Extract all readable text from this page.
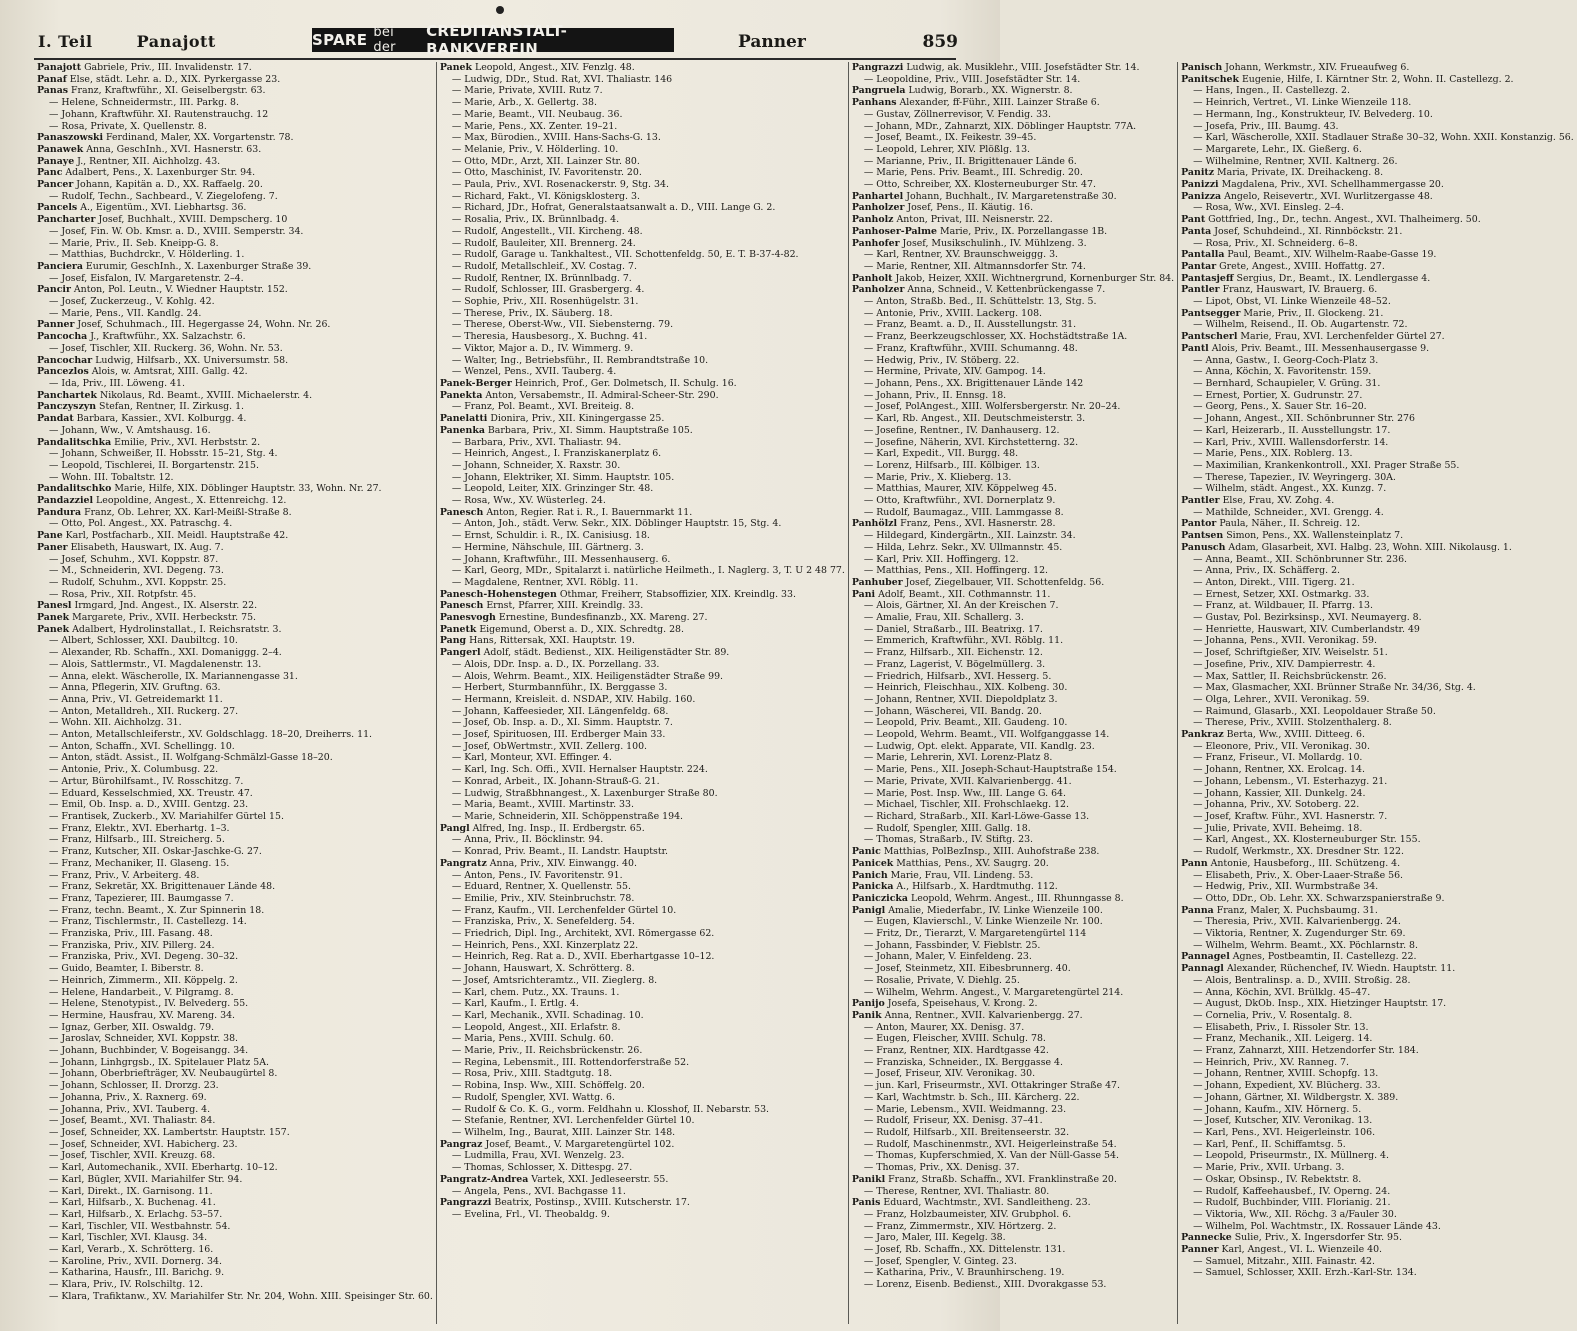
I. Teil	Panajott	SPARE bei der
CREDITANSTALT-BANKVEREIN	Panner	859
Panajott Gabriele, Priv., III. Invalidenstr. 17.
Panaf Else, städt. Lehr. a. D., XIX. Pyrkergasse 23.
Panas Franz, Kraftwführ., XI. Geiselbergstr. 63.
— Helene, Schneidermstr., III. Parkg. 8.
— Johann, Kraftwführ. XI. Rautenstrauchg. 12
— Rosa, Private, X. Quellenstr. 8.
Panaszowski Ferdinand, Maler, XX. Vorgartenstr. 78.
Panawek Anna, GeschInh., XVI. Hasnerstr. 63.
Panaye J., Rentner, XII. Aichholzg. 43.
Panc Adalbert, Pens., X. Laxenburger Str. 94.
Pancer Johann, Kapitän a. D., XX. Raffaelg. 20.
— Rudolf, Techn., Sachbeard., V. Ziegelofeng. 7.
Pancels A., Eigentüm., XVI. Liebhartsg. 36.
Pancharter Josef, Buchhalt., XVIII. Dempscherg. 10
— Josef, Fin. W. Ob. Kmsr. a. D., XVIII. Semperstr. 34.
— Marie, Priv., II. Seb. Kneipp-G. 8.
— Matthias, Buchdrckr., V. Hölderling. 1.
Panciera Eurumir, GeschInh., X. Laxenburger Straße 39.
— Josef, Eisfalon, IV. Margaretenstr. 2–4.
Pancir Anton, Pol. Leutn., V. Wiedner Hauptstr. 152.
— Josef, Zuckerzeug., V. Kohlg. 42.
— Marie, Pens., VII. Kandlg. 24.
Panner Josef, Schuhmach., III. Hegergasse 24, Wohn. Nr. 26.
Pancocha J., Kraftwführ., XX. Salzachstr. 6.
— Josef, Tischler, XII. Ruckerg. 36, Wohn. Nr. 53.
Pancochar Ludwig, Hilfsarb., XX. Universumstr. 58.
Pancezlos Alois, w. Amtsrat, XIII. Gallg. 42.
— Ida, Priv., III. Löweng. 41.
Panchartek Nikolaus, Rd. Beamt., XVIII. Michaelerstr. 4.
Panczyszyn Stefan, Rentner, II. Zirkusg. 1.
Pandat Barbara, Kassier., XVI. Kolburgg. 4.
— Johann, Ww., V. Amtshausg. 16.
Pandalitschka Emilie, Priv., XVI. Herbststr. 2.
— Johann, Schweißer, II. Hobsstr. 15–21, Stg. 4.
— Leopold, Tischlerei, II. Borgartenstr. 215.
— Wohn. III. Tobaltstr. 12.
Pandalitschko Marie, Hilfe, XIX. Döblinger Hauptstr. 33, Wohn. Nr. 27.
Pandazziel Leopoldine, Angest., X. Ettenreichg. 12.
Pandura Franz, Ob. Lehrer, XX. Karl-Meißl-Straße 8.
— Otto, Pol. Angest., XX. Patraschg. 4.
Pane Karl, Postfacharb., XII. Meidl. Hauptstraße 42.
Paner Elisabeth, Hauswart, IX. Aug. 7.
— Josef, Schuhm., XVI. Koppstr. 87.
— M., Schneiderin, XVI. Degeng. 73.
— Rudolf, Schuhm., XVI. Koppstr. 25.
— Rosa, Priv., XII. Rotpfstr. 45.
Panesl Irmgard, Jnd. Angest., IX. Alserstr. 22.
Panek Margarete, Priv., XVII. Herbeckstr. 75.
Panek Adalbert, Hydrolinstallat., I. Reichsratstr. 3.
— Albert, Schlosser, XXI. Daubiltcg. 10.
— Alexander, Rb. Schaffn., XXI. Domaniggg. 2–4.
— Alois, Sattlermstr., VI. Magdalenenstr. 13.
— Anna, elekt. Wäscherolle, IX. Mariannengasse 31.
— Anna, Pflegerin, XIV. Gruftng. 63.
— Anna, Priv., VI. Getreidemarkt 11.
— Anton, Metalldreh., XII. Ruckerg. 27.
— Wohn. XII. Aichholzg. 31.
— Anton, Metallschleiferstr., XV. Goldschlagg. 18–20, Dreiherrs. 11.
— Anton, Schaffn., XVI. Schellingg. 10.
— Anton, städt. Assist., II. Wolfgang-Schmälzl-Gasse 18–20.
— Antonie, Priv., X. Columbusg. 22.
— Artur, Bürohilfsamt., IV. Rosschitzg. 7.
— Eduard, Kesselschmied, XX. Treustr. 47.
— Emil, Ob. Insp. a. D., XVIII. Gentzg. 23.
— Frantisek, Zuckerb., XV. Mariahilfer Gürtel 15.
— Franz, Elektr., XVI. Eberhartg. 1–3.
— Franz, Hilfsarb., III. Streicherg. 5.
— Franz, Kutscher, XII. Oskar-Jaschke-G. 27.
— Franz, Mechaniker, II. Glaseng. 15.
— Franz, Priv., V. Arbeiterg. 48.
— Franz, Sekretär, XX. Brigittenauer Lände 48.
— Franz, Tapezierer, III. Baumgasse 7.
— Franz, techn. Beamt., X. Zur Spinnerin 18.
— Franz, Tischlermstr., II. Castellezg. 14.
— Franziska, Priv., III. Fasang. 48.
— Franziska, Priv., XIV. Pillerg. 24.
— Franziska, Priv., XVI. Degeng. 30–32.
— Guido, Beamter, I. Biberstr. 8.
— Heinrich, Zimmerm., XII. Köppelg. 2.
— Helene, Handarbeit., V. Pilgramg. 8.
— Helene, Stenotypist., IV. Belvederg. 55.
— Hermine, Hausfrau, XV. Mareng. 34.
— Ignaz, Gerber, XII. Oswaldg. 79.
— Jaroslav, Schneider, XVI. Koppstr. 38.
— Johann, Buchbinder, V. Bogeisangg. 34.
— Johann, Linhgrgsb., IX. Spitelauer Platz 5A.
— Johann, Oberbriefträger, XV. Neubaugürtel 8.
— Johann, Schlosser, II. Drorzg. 23.
— Johanna, Priv., X. Raxnerg. 69.
— Johanna, Priv., XVI. Tauberg. 4.
— Josef, Beamt., XVI. Thaliastr. 84.
— Josef, Schneider, XX. Lambertstr. Hauptstr. 157.
— Josef, Schneider, XVI. Habicherg. 23.
— Josef, Tischler, XVII. Kreuzg. 68.
— Karl, Automechanik., XVII. Eberhartg. 10–12.
— Karl, Bügler, XVII. Mariahilfer Str. 94.
— Karl, Direkt., IX. Garnisong. 11.
— Karl, Hilfsarb., X. Buchenag. 41.
— Karl, Hilfsarb., X. Erlachg. 53–57.
— Karl, Tischler, VII. Westbahnstr. 54.
— Karl, Tischler, XVI. Klausg. 34.
— Karl, Verarb., X. Schrötterg. 16.
— Karoline, Priv., XVII. Dornerg. 34.
— Katharina, Hausfr., III. Barichg. 9.
— Klara, Priv., IV. Rolschiltg. 12.
— Klara, Trafiktanw., XV. Mariahilfer Str. Nr. 204, Wohn. XIII. Speisinger Str. 60.
Panek Leopold, Angest., XIV. Fenzlg. 48.
— Ludwig, DDr., Stud. Rat, XVI. Thaliastr. 146
— Marie, Private, XVIII. Rutz 7.
— Marie, Arb., X. Gellertg. 38.
— Marie, Beamt., VII. Neubaug. 36.
— Marie, Pens., XX. Zenter. 19–21.
— Max, Bürodien., XVIII. Hans-Sachs-G. 13.
— Melanie, Priv., V. Hölderling. 10.
— Otto, MDr., Arzt, XII. Lainzer Str. 80.
— Otto, Maschinist, IV. Favoritenstr. 20.
— Paula, Priv., XVI. Rosenackerstr. 9, Stg. 34.
— Richard, Fakt., VI. Königsklosterg. 3.
— Richard, JDr., Hofrat, Generalstaatsanwalt a. D., VIII. Lange G. 2.
— Rosalia, Priv., IX. Brünnlbadg. 4.
— Rudolf, Angestellt., VII. Kircheng. 48.
— Rudolf, Bauleiter, XII. Brennerg. 24.
— Rudolf, Garage u. Tankhaltest., VII. Schottenfeldg. 50, E. T. B-37-4-82.
— Rudolf, Metallschleif., XV. Costag. 7.
— Rudolf, Rentner, IX. Brünnlbadg. 7.
— Rudolf, Schlosser, III. Grasbergerg. 4.
— Sophie, Priv., XII. Rosenhügelstr. 31.
— Therese, Priv., IX. Säuberg. 18.
— Therese, Oberst-Ww., VII. Siebensterng. 79.
— Theresia, Hausbesorg., X. Buchng. 41.
— Viktor, Major a. D., IV. Wimmerg. 9.
— Walter, Ing., Betriebsführ., II. Rembrandtstraße 10.
— Wenzel, Pens., XVII. Tauberg. 4.
Panek-Berger Heinrich, Prof., Ger. Dolmetsch, II. Schulg. 16.
Panekta Anton, Versabemstr., II. Admiral-Scheer-Str. 290.
— Franz, Pol. Beamt., XVI. Breiteig. 8.
Panelatti Dionira, Priv., XII. Kiningergasse 25.
Panenka Barbara, Priv., XI. Simm. Hauptstraße 105.
— Barbara, Priv., XVI. Thaliastr. 94.
— Heinrich, Angest., I. Franziskanerplatz 6.
— Johann, Schneider, X. Raxstr. 30.
— Johann, Elektriker, XI. Simm. Hauptstr. 105.
— Leopold, Leiter, XIX. Grinzinger Str. 48.
— Rosa, Ww., XV. Wüsterleg. 24.
Panesch Anton, Regier. Rat i. R., I. Bauernmarkt 11.
— Anton, Joh., städt. Verw. Sekr., XIX. Döblinger Hauptstr. 15, Stg. 4.
— Ernst, Schuldir. i. R., IX. Canisiusg. 18.
— Hermine, Nähschule, III. Gärtnerg. 3.
— Johann, Kraftwführ., III. Messenhauserg. 6.
— Karl, Georg, MDr., Spitalarzt i. natürliche Heilmeth., I. Naglerg. 3, T. U 2 48 77.
— Magdalene, Rentner, XVI. Röblg. 11.
Panesch-Hohenstegen Othmar, Freiherr, Stabsoffizier, XIX. Kreindlg. 33.
Panesch Ernst, Pfarrer, XIII. Kreindlg. 33.
Panesvogh Ernestine, Bundesfinanzb., XX. Mareng. 27.
Panetk Eigemund, Oberst a. D., XIX. Schredtg. 28.
Pang Hans, Rittersak, XXI. Hauptstr. 19.
Pangerl Adolf, städt. Bedienst., XIX. Heiligenstädter Str. 89.
— Alois, DDr. Insp. a. D., IX. Porzellang. 33.
— Alois, Wehrm. Beamt., XIX. Heiligenstädter Straße 99.
— Herbert, Sturmbannführ., IX. Berggasse 3.
— Hermann, Kreisleit. d. NSDAP., XIV. Habilg. 160.
— Johann, Kaffeesieder, XII. Längenfeldg. 68.
— Josef, Ob. Insp. a. D., XI. Simm. Hauptstr. 7.
— Josef, Spirituosen, III. Erdberger Main 33.
— Josef, ObWertmstr., XVII. Zellerg. 100.
— Karl, Monteur, XVI. Effinger. 4.
— Karl, Ing. Sch. Offi., XVII. Hernalser Hauptstr. 224.
— Konrad, Arbeit., IX. Johann-Strauß-G. 21.
— Ludwig, Straßbhnangest., X. Laxenburger Straße 80.
— Maria, Beamt., XVIII. Martinstr. 33.
— Marie, Schneiderin, XII. Schöppenstraße 194.
Pangl Alfred, Ing. Insp., II. Erdbergstr. 65.
— Anna, Priv., II. Böcklinstr. 94.
— Konrad, Priv. Beamt., II. Landstr. Hauptstr.
Pangratz Anna, Priv., XIV. Einwangg. 40.
— Anton, Pens., IV. Favoritenstr. 91.
— Eduard, Rentner, X. Quellenstr. 55.
— Emilie, Priv., XIV. Steinbruchstr. 78.
— Franz, Kaufm., VII. Lerchenfelder Gürtel 10.
— Franziska, Priv., X. Senefelderg. 54.
— Friedrich, Dipl. Ing., Architekt, XVI. Römergasse 62.
— Heinrich, Pens., XXI. Kinzerplatz 22.
— Heinrich, Reg. Rat a. D., XVII. Eberhartgasse 10–12.
— Johann, Hauswart, X. Schrötterg. 8.
— Josef, Amtsrichteramtz., VII. Zieglerg. 8.
— Karl, chem. Putz., XX. Trauns. 1.
— Karl, Kaufm., I. Ertlg. 4.
— Karl, Mechanik., XVII. Schadinag. 10.
— Leopold, Angest., XII. Erlafstr. 8.
— Maria, Pens., XVIII. Schulg. 60.
— Marie, Priv., II. Reichsbrückenstr. 26.
— Regina, Lebensmit., III. Rottendorferstraße 52.
— Rosa, Priv., XIII. Stadtgutg. 18.
— Robina, Insp. Ww., XIII. Schöffelg. 20.
— Rudolf, Spengler, XVI. Wattg. 6.
— Rudolf & Co. K. G., vorm. Feldhahn u. Klosshof, II. Nebarstr. 53.
— Stefanie, Rentner, XVI. Lerchenfelder Gürtel 10.
— Wilhelm, Ing., Baurat, XIII. Lainzer Str. 148.
Pangraz Josef, Beamt., V. Margaretengürtel 102.
— Ludmilla, Frau, XVI. Wenzelg. 23.
— Thomas, Schlosser, X. Dittespg. 27.
Pangratz-Andrea Vartek, XXI. Jedleseerstr. 55.
— Angela, Pens., XVI. Bachgasse 11.
Pangrazzi Beatrix, Postinsp., XVIII. Kutscherstr. 17.
— Evelina, Frl., VI. Theobaldg. 9.
Pangrazzi Ludwig, ak. Musiklehr., VIII. Josefstädter Str. 14.
— Leopoldine, Priv., VIII. Josefstädter Str. 14.
Pangruela Ludwig, Borarb., XX. Wignerstr. 8.
Panhans Alexander, ff-Führ., XIII. Lainzer Straße 6.
— Gustav, Zöllnerrevisor, V. Fendig. 33.
— Johann, MDr., Zahnarzt, XIX. Döblinger Hauptstr. 77A.
— Josef, Beamt., IX. Feikestr. 39–45.
— Leopold, Lehrer, XIV. Plößlg. 13.
— Marianne, Priv., II. Brigittenauer Lände 6.
— Marie, Pens. Priv. Beamt., III. Schredig. 20.
— Otto, Schreiber, XX. Klosterneuburger Str. 47.
Panhartel Johann, Buchhalt., IV. Margaretenstraße 30.
Panholzer Josef, Pens., II. Käutig. 16.
Panholz Anton, Privat, III. Neisnerstr. 22.
Panhoser-Palme Marie, Priv., IX. Porzellangasse 1B.
Panhofer Josef, Musikschulinh., IV. Mühlzeng. 3.
— Karl, Rentner, XV. Braunschweiggg. 3.
— Marie, Rentner, XII. Altmannsdorfer Str. 74.
Panholt Jakob, Heizer, XXII. Wichtnergrund, Kornenburger Str. 84.
Panholzer Anna, Schneid., V. Kettenbrückengasse 7.
— Anton, Straßb. Bed., II. Schüttelstr. 13, Stg. 5.
— Antonie, Priv., XVIII. Lackerg. 108.
— Franz, Beamt. a. D., II. Ausstellungstr. 31.
— Franz, Beerkzeugschlosser, XX. Hochstädtstraße 1A.
— Franz, Kraftwführ., XVIII. Schumanng. 48.
— Hedwig, Priv., IV. Stöberg. 22.
— Hermine, Private, XIV. Gampog. 14.
— Johann, Pens., XX. Brigittenauer Lände 142
— Johann, Priv., II. Ennsg. 18.
— Josef, PolAngest., XIII. Wolfersbergerstr. Nr. 20–24.
— Karl, Rb. Angest., XII. Deutschmeisterstr. 3.
— Josefine, Rentner., IV. Danhauserg. 12.
— Josefine, Näherin, XVI. Kirchstetterng. 32.
— Karl, Expedit., VII. Burgg. 48.
— Lorenz, Hilfsarb., III. Kölbiger. 13.
— Marie, Priv., X. Klieberg. 13.
— Matthias, Maurer, XIV. Köppelweg 45.
— Otto, Kraftwführ., XVI. Dornerplatz 9.
— Rudolf, Baumagaz., VIII. Lammgasse 8.
Panhölzl Franz, Pens., XVI. Hasnerstr. 28.
— Hildegard, Kindergärtn., XII. Lainzstr. 34.
— Hilda, Lehrz. Sekr., XV. Ullmannstr. 45.
— Karl, Priv. XII. Hoffingerg. 12.
— Matthias, Pens., XII. Hoffingerg. 12.
Panhuber Josef, Ziegelbauer, VII. Schottenfeldg. 56.
Pani Adolf, Beamt., XII. Cothmannstr. 11.
— Alois, Gärtner, XI. An der Kreischen 7.
— Amalie, Frau, XII. Schallerg. 3.
— Daniel, Straßarb., III. Beatrixg. 17.
— Emmerich, Kraftwführ., XVI. Röblg. 11.
— Franz, Hilfsarb., XII. Eichenstr. 12.
— Franz, Lagerist, V. Bögelmüllerg. 3.
— Friedrich, Hilfsarb., XVI. Hesserg. 5.
— Heinrich, Fleischhau., XIX. Kolbeng. 30.
— Johann, Rentner, XVII. Diepoldplatz 3.
— Johann, Wäscherei, VII. Bandg. 20.
— Leopold, Priv. Beamt., XII. Gaudeng. 10.
— Leopold, Wehrm. Beamt., VII. Wolfganggasse 14.
— Ludwig, Opt. elekt. Apparate, VII. Kandlg. 23.
— Marie, Lehrerin, XVI. Lorenz-Platz 8.
— Marie, Pens., XII. Joseph-Schaut-Hauptstraße 154.
— Marie, Private, XVII. Kalvarienbergg. 41.
— Marie, Post. Insp. Ww., III. Lange G. 64.
— Michael, Tischler, XII. Frohschlaekg. 12.
— Richard, Straßarb., XII. Karl-Löwe-Gasse 13.
— Rudolf, Spengler, XIII. Gallg. 18.
— Thomas, Straßarb., IV. Stiftg. 23.
Panic Matthias, PolBezInsp., XIII. Auhofstraße 238.
Panicek Matthias, Pens., XV. Saugrg. 20.
Panich Marie, Frau, VII. Lindeng. 53.
Panicka A., Hilfsarb., X. Hardtmuthg. 112.
Paniczicka Leopold, Wehrm. Angest., III. Rhunngasse 8.
Panigl Amalie, Miederfabr., IV. Linke Wienzeile 100.
— Eugen, Klavierschl., V. Linke Wienzeile Nr. 100.
— Fritz, Dr., Tierarzt, V. Margaretengürtel 114
— Johann, Fassbinder, V. Fieblstr. 25.
— Johann, Maler, V. Einfeldeng. 23.
— Josef, Steinmetz, XII. Eibesbrunnerg. 40.
— Rosalie, Private, V. Diehlg. 25.
— Wilhelm, Wehrm. Angest., V. Margaretengürtel 214.
Panijo Josefa, Speisehaus, V. Krong. 2.
Panik Anna, Rentner., XVII. Kalvarienbergg. 27.
— Anton, Maurer, XX. Denisg. 37.
— Eugen, Fleischer, XVIII. Schulg. 78.
— Franz, Rentner, XIX. Hardtgasse 42.
— Franziska, Schneider., IX. Berggasse 4.
— Josef, Friseur, XIV. Veronikag. 30.
— jun. Karl, Friseurmstr., XVI. Ottakringer Straße 47.
— Karl, Wachtmstr. b. Sch., III. Kärcherg. 22.
— Marie, Lebensm., XVII. Weidmanng. 23.
— Rudolf, Friseur, XX. Denisg. 37–41.
— Rudolf, Hilfsarb., XII. Breitenseerstr. 32.
— Rudolf, Maschinenmstr., XVI. Heigerleinstraße 54.
— Thomas, Kupferschmied, X. Van der Nüll-Gasse 54.
— Thomas, Priv., XX. Denisg. 37.
Panikl Franz, Straßb. Schaffn., XVI. Franklinstraße 20.
— Therese, Rentner, XVI. Thaliastr. 80.
Panis Eduard, Wachtmstr., XVI. Sandleitheng. 23.
— Franz, Holzbaumeister, XIV. Grubphol. 6.
— Franz, Zimmermstr., XIV. Hörtzerg. 2.
— Jaro, Maler, III. Kegelg. 38.
— Josef, Rb. Schaffn., XX. Dittelenstr. 131.
— Josef, Spengler, V. Ginteg. 23.
— Katharina, Priv., V. Braunhirscheng. 19.
— Lorenz, Eisenb. Bedienst., XIII. Dvorakgasse 53.
Panisch Johann, Werkmstr., XIV. Frueaufweg 6.
Panitschek Eugenie, Hilfe, I. Kärntner Str. 2, Wohn. II. Castellezg. 2.
— Hans, Ingen., II. Castellezg. 2.
— Heinrich, Vertret., VI. Linke Wienzeile 118.
— Hermann, Ing., Konstrukteur, IV. Belvederg. 10.
— Josefa, Priv., III. Baumg. 43.
— Karl, Wäscherolle, XXII. Stadlauer Straße 30–32, Wohn. XXII. Konstanzig. 56.
— Margarete, Lehr., IX. Gießerg. 6.
— Wilhelmine, Rentner, XVII. Kaltnerg. 26.
Panitz Maria, Private, IX. Dreihackeng. 8.
Panizzi Magdalena, Priv., XVI. Schellhammergasse 20.
Panizza Angelo, Reisevertr., XVI. Wurlitzergasse 48.
— Rosa, Ww., XVI. Einsleg. 2–4.
Pant Gottfried, Ing., Dr., techn. Angest., XVI. Thalheimerg. 50.
Panta Josef, Schuhdeind., XI. Rinnböckstr. 21.
— Rosa, Priv., XI. Schneiderg. 6–8.
Pantalla Paul, Beamt., XIV. Wilhelm-Raabe-Gasse 19.
Pantar Grete, Angest., XVIII. Hoffattg. 27.
Pantasjeff Sergius, Dr., Beamt., IX. Lendlergasse 4.
Pantler Franz, Hauswart, IV. Brauerg. 6.
— Lipot, Obst, VI. Linke Wienzeile 48–52.
Pantsegger Marie, Priv., II. Glockeng. 21.
— Wilhelm, Reisend., II. Ob. Augartenstr. 72.
Pantscherl Marie, Frau, XVI. Lerchenfelder Gürtel 27.
Pantl Alois, Priv. Beamt., III. Messenhausergasse 9.
— Anna, Gastw., I. Georg-Coch-Platz 3.
— Anna, Köchin, X. Favoritenstr. 159.
— Bernhard, Schaupieler, V. Grüng. 31.
— Ernest, Portier, X. Gudrunstr. 27.
— Georg, Pens., X. Sauer Str. 16–20.
— Johann, Angest., XII. Schönbrunner Str. 276
— Karl, Heizerarb., II. Ausstellungstr. 17.
— Karl, Priv., XVIII. Wallensdorferstr. 14.
— Marie, Pens., XIX. Roblerg. 13.
— Maximilian, Krankenkontroll., XXI. Prager Straße 55.
— Therese, Tapezier., IV. Weyringerg. 30A.
— Wilhelm, städt. Angest., XX. Kunzg. 7.
Pantler Else, Frau, XV. Zohg. 4.
— Mathilde, Schneider., XVI. Grengg. 4.
Pantor Paula, Näher., II. Schreig. 12.
Pantsen Simon, Pens., XX. Wallensteinplatz 7.
Panusch Adam, Glasarbeit, XVI. Halbg. 23, Wohn. XIII. Nikolausg. 1.
— Anna, Beamt., XII. Schönbrunner Str. 236.
— Anna, Priv., IX. Schäfferg. 2.
— Anton, Direkt., VIII. Tigerg. 21.
— Ernest, Setzer, XXI. Ostmarkg. 33.
— Franz, at. Wildbauer, II. Pfarrg. 13.
— Gustav, Pol. Bezirksinsp., XVI. Neumayerg. 8.
— Henriette, Hauswart, XIV. Cumberlandstr. 49
— Johanna, Pens., XVII. Veronikag. 59.
— Josef, Schriftgießer, XIV. Weiselstr. 51.
— Josefine, Priv., XIV. Dampierrestr. 4.
— Max, Sattler, II. Reichsbrückenstr. 26.
— Max, Glasmacher, XXI. Brünner Straße Nr. 34/36, Stg. 4.
— Olga, Lehrer., XVII. Veronikag. 59.
— Raimund, Glasarb., XXI. Leopoldauer Straße 50.
— Therese, Priv., XVIII. Stolzenthalerg. 8.
Pankraz Berta, Ww., XVIII. Ditteeg. 6.
— Eleonore, Priv., VII. Veronikag. 30.
— Franz, Friseur., VI. Mollardg. 10.
— Johann, Rentner, XX. Erolcag. 14.
— Johann, Lebensm., VI. Esterhazyg. 21.
— Johann, Kassier, XII. Dunkelg. 24.
— Johanna, Priv., XV. Sotoberg. 22.
— Josef, Kraftw. Führ., XVI. Hasnerstr. 7.
— Julie, Private, XVII. Beheimg. 18.
— Karl, Angest., XX. Klosterneuburger Str. 155.
— Rudolf, Werkmstr., XX. Dresdner Str. 122.
Pann Antonie, Hausbeforg., III. Schützeng. 4.
— Elisabeth, Priv., X. Ober-Laaer-Straße 56.
— Hedwig, Priv., XII. Wurmbstraße 34.
— Otto, DDr., Ob. Lehr. XX. Schwarzspanierstraße 9.
Panna Franz, Maler, X. Puchsbaumg. 31.
— Theresia, Priv., XVII. Kalvarienbergg. 24.
— Viktoria, Rentner, X. Zugendurger Str. 69.
— Wilhelm, Wehrm. Beamt., XX. Pöchlarnstr. 8.
Pannagel Agnes, Postbeamtin, II. Castellezg. 22.
Pannagl Alexander, Rüchenchef, IV. Wiedn. Hauptstr. 11.
— Alois, Bentralinsp. a. D., XVIII. Stroßig. 28.
— Anna, Köchin, XVI. Brülklg. 45–47.
— August, DkOb. Insp., XIX. Hietzinger Hauptstr. 17.
— Cornelia, Priv., V. Rosentalg. 8.
— Elisabeth, Priv., I. Rissoler Str. 13.
— Franz, Mechanik., XII. Leigerg. 14.
— Franz, Zahnarzt, XIII. Hetzendorfer Str. 184.
— Heinrich, Priv., XV. Ranneg. 7.
— Johann, Rentner, XVIII. Schopfg. 13.
— Johann, Expedient, XV. Blücherg. 33.
— Johann, Gärtner, XI. Wildbergstr. X. 389.
— Johann, Kaufm., XIV. Hörnerg. 5.
— Josef, Kutscher, XIV. Veronikag. 13.
— Karl, Pens., XVI. Heigerleinstr. 106.
— Karl, Penf., II. Schiffamtsg. 5.
— Leopold, Priseurmstr., IX. Müllnerg. 4.
— Marie, Priv., XVII. Urbang. 3.
— Oskar, Obsinsp., IV. Rebektstr. 8.
— Rudolf, Kaffeehausbef., IV. Operng. 24.
— Rudolf, Buchbinder, VIII. Florianig. 21.
— Viktoria, Ww., XII. Röchg. 3 a/Fauler 30.
— Wilhelm, Pol. Wachtmstr., IX. Rossauer Lände 43.
Pannecke Sulie, Priv., X. Ingersdorfer Str. 95.
Panner Karl, Angest., VI. L. Wienzeile 40.
— Samuel, Mitzahr., XIII. Fainastr. 42.
— Samuel, Schlosser, XXII. Erzh.-Karl-Str. 134.
